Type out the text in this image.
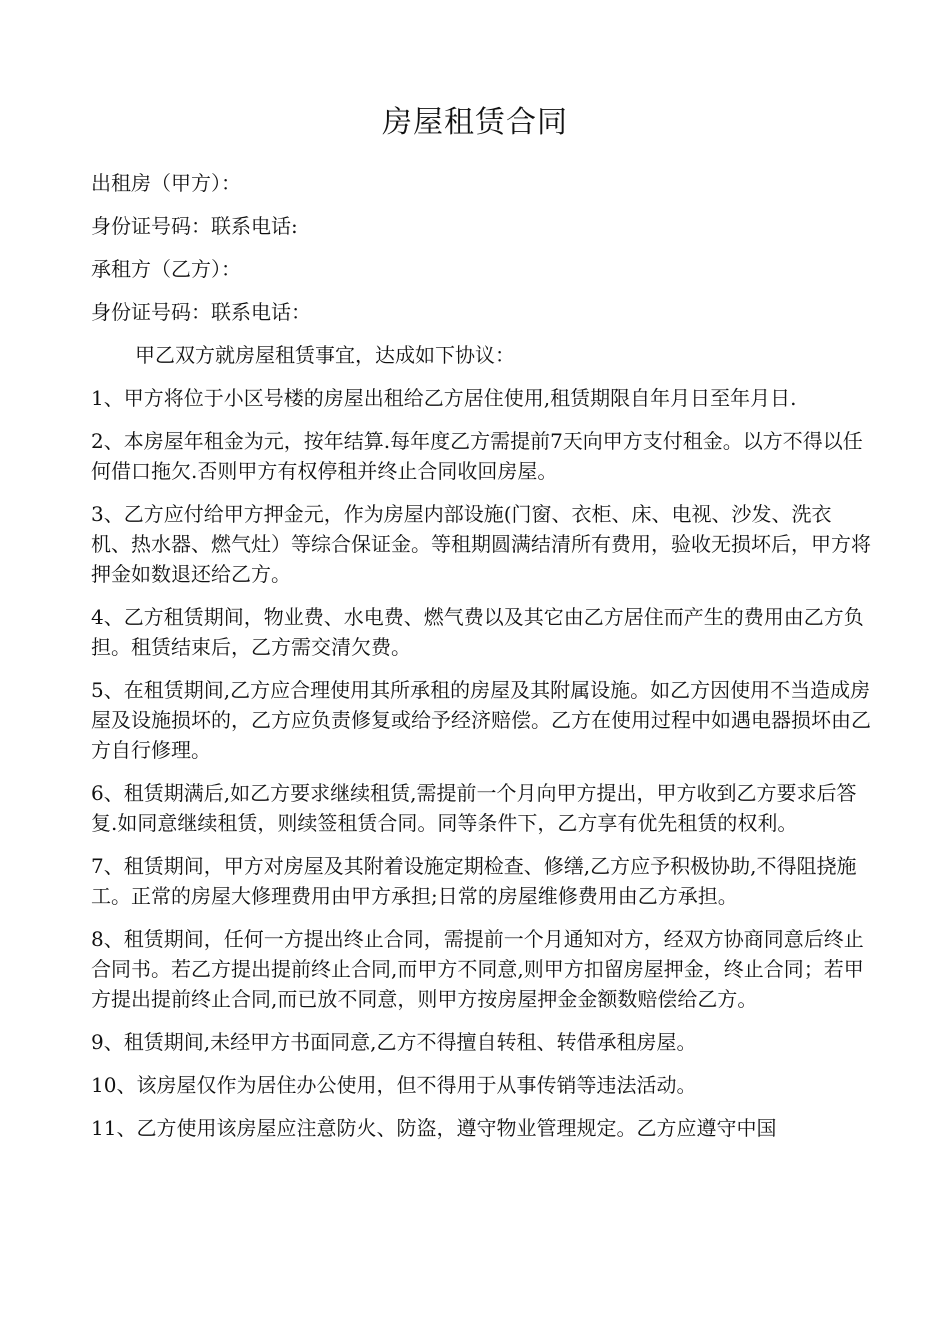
房屋租赁合同

出租房（甲方）：

身份证号码：联系电话:

承租方（乙方）：

身份证号码：联系电话：

甲乙双方就房屋租赁事宜，达成如下协议：

1、甲方将位于小区号楼的房屋出租给乙方居住使用,租赁期限自年月日至年月日.

2、本房屋年租金为元，按年结算.每年度乙方需提前7天向甲方支付租金。以方不得以任何借口拖欠.否则甲方有权停租并终止合同收回房屋。

3、乙方应付给甲方押金元，作为房屋内部设施(门窗、衣柜、床、电视、沙发、洗衣机、热水器、燃气灶）等综合保证金。等租期圆满结清所有费用，验收无损坏后，甲方将押金如数退还给乙方。

4、乙方租赁期间，物业费、水电费、燃气费以及其它由乙方居住而产生的费用由乙方负担。租赁结束后，乙方需交清欠费。

5、在租赁期间,乙方应合理使用其所承租的房屋及其附属设施。如乙方因使用不当造成房屋及设施损坏的，乙方应负责修复或给予经济赔偿。乙方在使用过程中如遇电器损坏由乙方自行修理。

6、租赁期满后,如乙方要求继续租赁,需提前一个月向甲方提出，甲方收到乙方要求后答复.如同意继续租赁，则续签租赁合同。同等条件下，乙方享有优先租赁的权利。

7、租赁期间，甲方对房屋及其附着设施定期检查、修缮,乙方应予积极协助,不得阻挠施工。正常的房屋大修理费用由甲方承担;日常的房屋维修费用由乙方承担。

8、租赁期间，任何一方提出终止合同，需提前一个月通知对方，经双方协商同意后终止合同书。若乙方提出提前终止合同,而甲方不同意,则甲方扣留房屋押金，终止合同；若甲方提出提前终止合同,而已放不同意，则甲方按房屋押金金额数赔偿给乙方。

9、租赁期间,未经甲方书面同意,乙方不得擅自转租、转借承租房屋。

10、该房屋仅作为居住办公使用，但不得用于从事传销等违法活动。

11、乙方使用该房屋应注意防火、防盗，遵守物业管理规定。乙方应遵守中国
